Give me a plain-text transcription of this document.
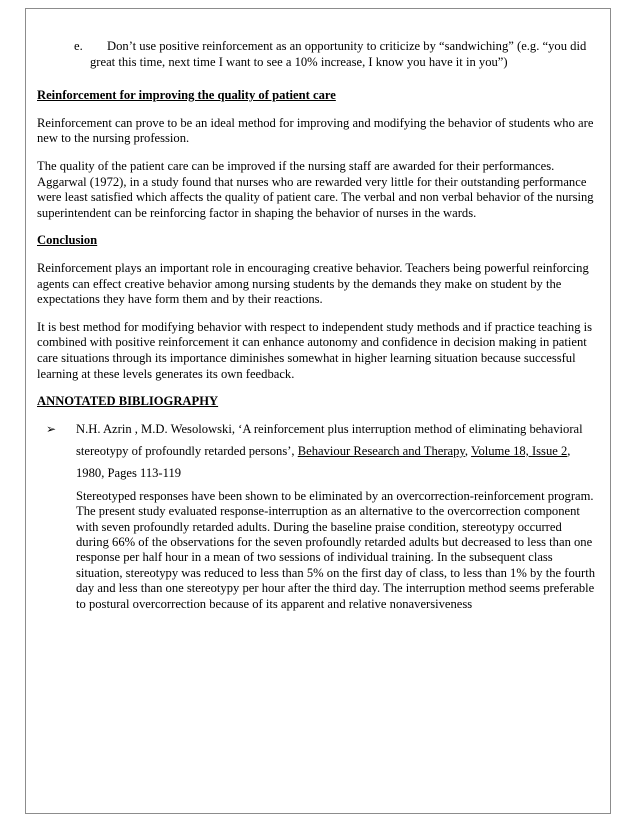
e.	Don’t use positive reinforcement as an opportunity to criticize by “sandwiching” (e.g. “you did great this time, next time I want to see a 10% increase, I know you have it in you”)

Reinforcement for improving the quality of patient care

Reinforcement can prove to be an ideal method for improving and modifying the behavior of students who are new to the nursing profession.

The quality of the patient care can be improved if the nursing staff are awarded for their performances. Aggarwal (1972), in a study found that nurses who are rewarded very little for their outstanding performance were least satisfied which affects the quality of patient care. The verbal and non verbal behavior of the nursing superintendent can be reinforcing factor in shaping the behavior of nurses in the wards.

Conclusion

Reinforcement plays an important role in encouraging creative behavior. Teachers being powerful reinforcing agents can effect creative behavior among nursing students by the demands they make on student by the expectations they have form them and by their reactions.

It is best method for modifying behavior with respect to independent study methods and if practice teaching is combined with positive reinforcement it can enhance autonomy and confidence in decision making in patient care situations through its importance diminishes somewhat in higher learning situation because successful learning at these levels generates its own feedback.

ANNOTATED BIBLIOGRAPHY

➢ N.H. Azrin , M.D. Wesolowski, ‘A reinforcement plus interruption method of eliminating behavioral stereotypy of profoundly retarded persons’, Behaviour Research and Therapy, Volume 18, Issue 2, 1980, Pages 113-119

Stereotyped responses have been shown to be eliminated by an overcorrection-reinforcement program. The present study evaluated response-interruption as an alternative to the overcorrection component with seven profoundly retarded adults. During the baseline praise condition, stereotypy occurred during 66% of the observations for the seven profoundly retarded adults but decreased to less than one response per half hour in a mean of two sessions of individual training. In the subsequent class situation, stereotypy was reduced to less than 5% on the first day of class, to less than 1% by the fourth day and less than one stereotypy per hour after the third day. The interruption method seems preferable to postural overcorrection because of its apparent and relative nonaversiveness
